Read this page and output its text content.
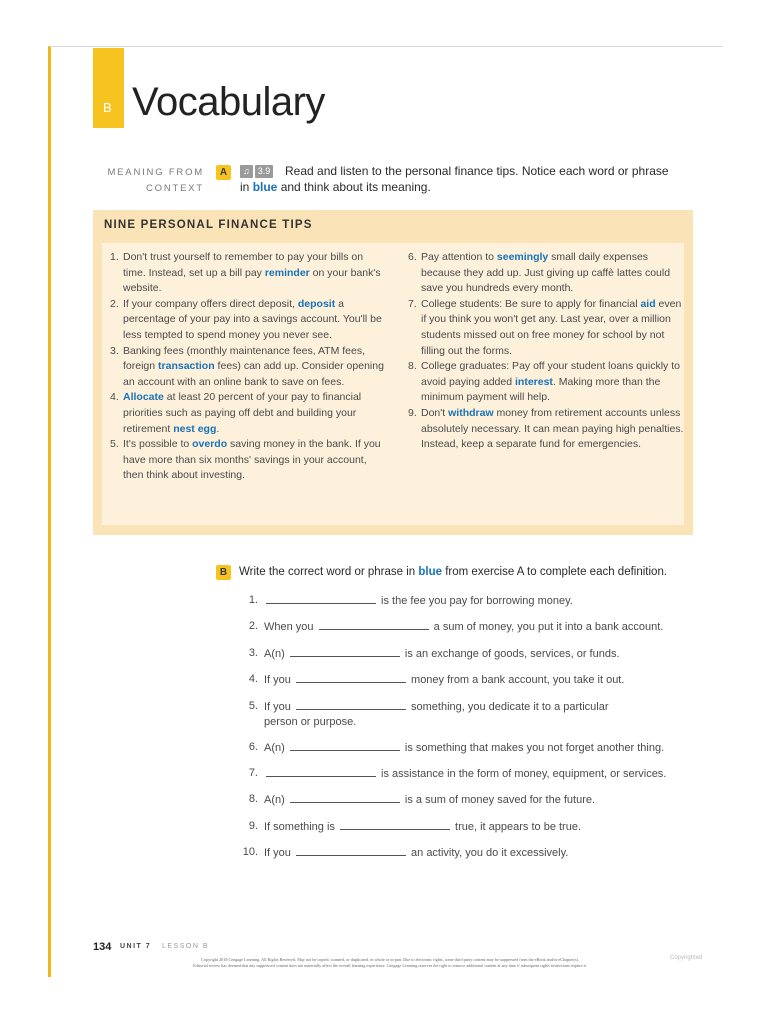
B Vocabulary
MEANING FROM
CONTEXT
A	♫ 3.9	Read and listen to the personal finance tips. Notice each word or phrase in blue and think about its meaning.
NINE PERSONAL FINANCE TIPS
1. Don't trust yourself to remember to pay your bills on time. Instead, set up a bill pay reminder on your bank's website.
2. If your company offers direct deposit, deposit a percentage of your pay into a savings account. You'll be less tempted to spend money you never see.
3. Banking fees (monthly maintenance fees, ATM fees, foreign transaction fees) can add up. Consider opening an account with an online bank to save on fees.
4. Allocate at least 20 percent of your pay to financial priorities such as paying off debt and building your retirement nest egg.
5. It's possible to overdo saving money in the bank. If you have more than six months' savings in your account, then think about investing.
6. Pay attention to seemingly small daily expenses because they add up. Just giving up caffè lattes could save you hundreds every month.
7. College students: Be sure to apply for financial aid even if you think you won't get any. Last year, over a million students missed out on free money for school by not filling out the forms.
8. College graduates: Pay off your student loans quickly to avoid paying added interest. Making more than the minimum payment will help.
9. Don't withdraw money from retirement accounts unless absolutely necessary. It can mean paying high penalties. Instead, keep a separate fund for emergencies.
B	Write the correct word or phrase in blue from exercise A to complete each definition.
1.	is the fee you pay for borrowing money.
2. When you	a sum of money, you put it into a bank account.
3. A(n)	is an exchange of goods, services, or funds.
4. If you	money from a bank account, you take it out.
5. If you	something, you dedicate it to a particular person or purpose.
6. A(n)	is something that makes you not forget another thing.
7.	is assistance in the form of money, equipment, or services.
8. A(n)	is a sum of money saved for the future.
9. If something is	true, it appears to be true.
10. If you	an activity, you do it excessively.
134 UNIT 7 LESSON B
Copyright 2018 Cengage Learning. All Rights Reserved. May not be copied, scanned, or duplicated, in whole or in part. Due to electronic rights, some third party content may be suppressed from the eBook and/or eChapter(s).
Editorial review has deemed that any suppressed content does not materially affect the overall learning experience. Cengage Learning reserves the right to remove additional content at any time if subsequent rights restrictions require it.
Copyrighted
